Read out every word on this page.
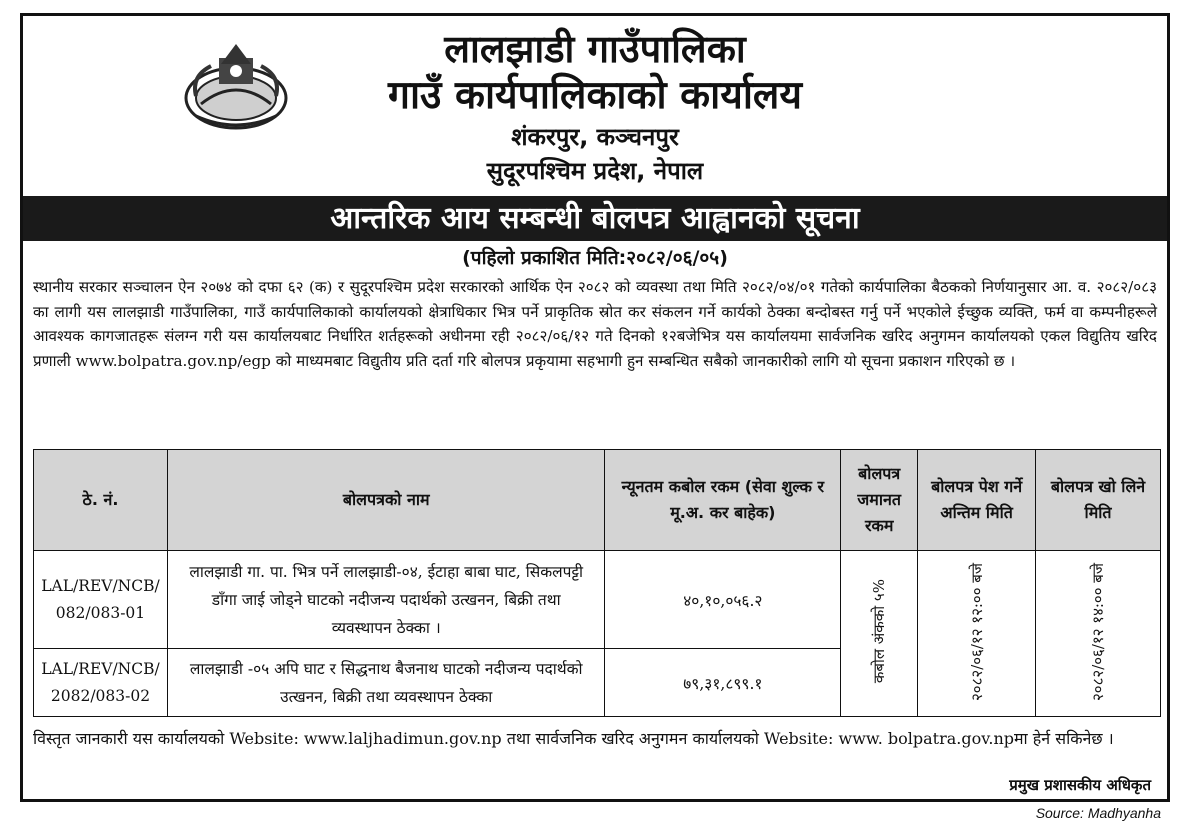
लालझाडी गाउँपालिका
गाउँ कार्यपालिकाको कार्यालय
शंकरपुर, कञ्चनपुर
सुदूरपश्चिम प्रदेश, नेपाल
आन्तरिक आय सम्बन्धी बोलपत्र आह्वानको सूचना
(पहिलो प्रकाशित मिति:२०८२/०६/०५)
स्थानीय सरकार सञ्चालन ऐन २०७४ को दफा ६२ (क) र सुदूरपश्चिम प्रदेश सरकारको आर्थिक ऐन २०८२ को व्यवस्था तथा मिति २०८२/०४/०१ गतेको कार्यपालिका बैठकको निर्णयानुसार आ. व. २०८२/०८३ का लागी यस लालझाडी गाउँपालिका, गाउँ कार्यपालिकाको कार्यालयको क्षेत्राधिकार भित्र पर्ने प्राकृतिक स्रोत कर संकलन गर्ने कार्यको ठेक्का बन्दोबस्त गर्नु पर्ने भएकोले ईच्छुक व्यक्ति, फर्म वा कम्पनीहरूले आवश्यक कागजातहरू संलग्न गरी यस कार्यालयबाट निर्धारित शर्तहरूको अधीनमा रही २०८२/०६/१२ गते दिनको १२बजेभित्र यस कार्यालयमा सार्वजनिक खरिद अनुगमन कार्यालयको एकल विद्युतिय खरिद प्रणाली www.bolpatra.gov.np/egp को माध्यमबाट विद्युतीय प्रति दर्ता गरि बोलपत्र प्रकृयामा सहभागी हुन सम्बन्धित सबैको जानकारीको लागि यो सूचना प्रकाशन गरिएको छ ।
ठे. नं.	बोलपत्रको नाम	न्यूनतम कबोल रकम (सेवा शुल्क र मू.अ. कर बाहेक)	बोलपत्र जमानत रकम	बोलपत्र पेश गर्ने अन्तिम मिति	बोलपत्र खो लिने मिति
LAL/REV/NCB/ 082/083-01	लालझाडी गा. पा. भित्र पर्ने लालझाडी-०४, ईटाहा बाबा घाट, सिकलपट्टी डाँगा जाई जोड्ने घाटको नदीजन्य पदार्थको उत्खनन, बिक्री तथा व्यवस्थापन ठेक्का ।	४०,१०,०५६.२	कबोल अंकको ५%	२०८२/०६/१२ १२:०० बजे	२०८२/०६/१२ १४:०० बजे
LAL/REV/NCB/ 2082/083-02	लालझाडी -०५ अपि घाट र सिद्धनाथ बैजनाथ घाटको नदीजन्य पदार्थको उत्खनन, बिक्री तथा व्यवस्थापन ठेक्का	७९,३१,८९९.१			
विस्तृत जानकारी यस कार्यालयको Website: www.laljhadimun.gov.np तथा सार्वजनिक खरिद अनुगमन कार्यालयको Website: www. bolpatra.gov.npमा हेर्न सकिनेछ ।
प्रमुख प्रशासकीय अधिकृत
Source: Madhyanha
